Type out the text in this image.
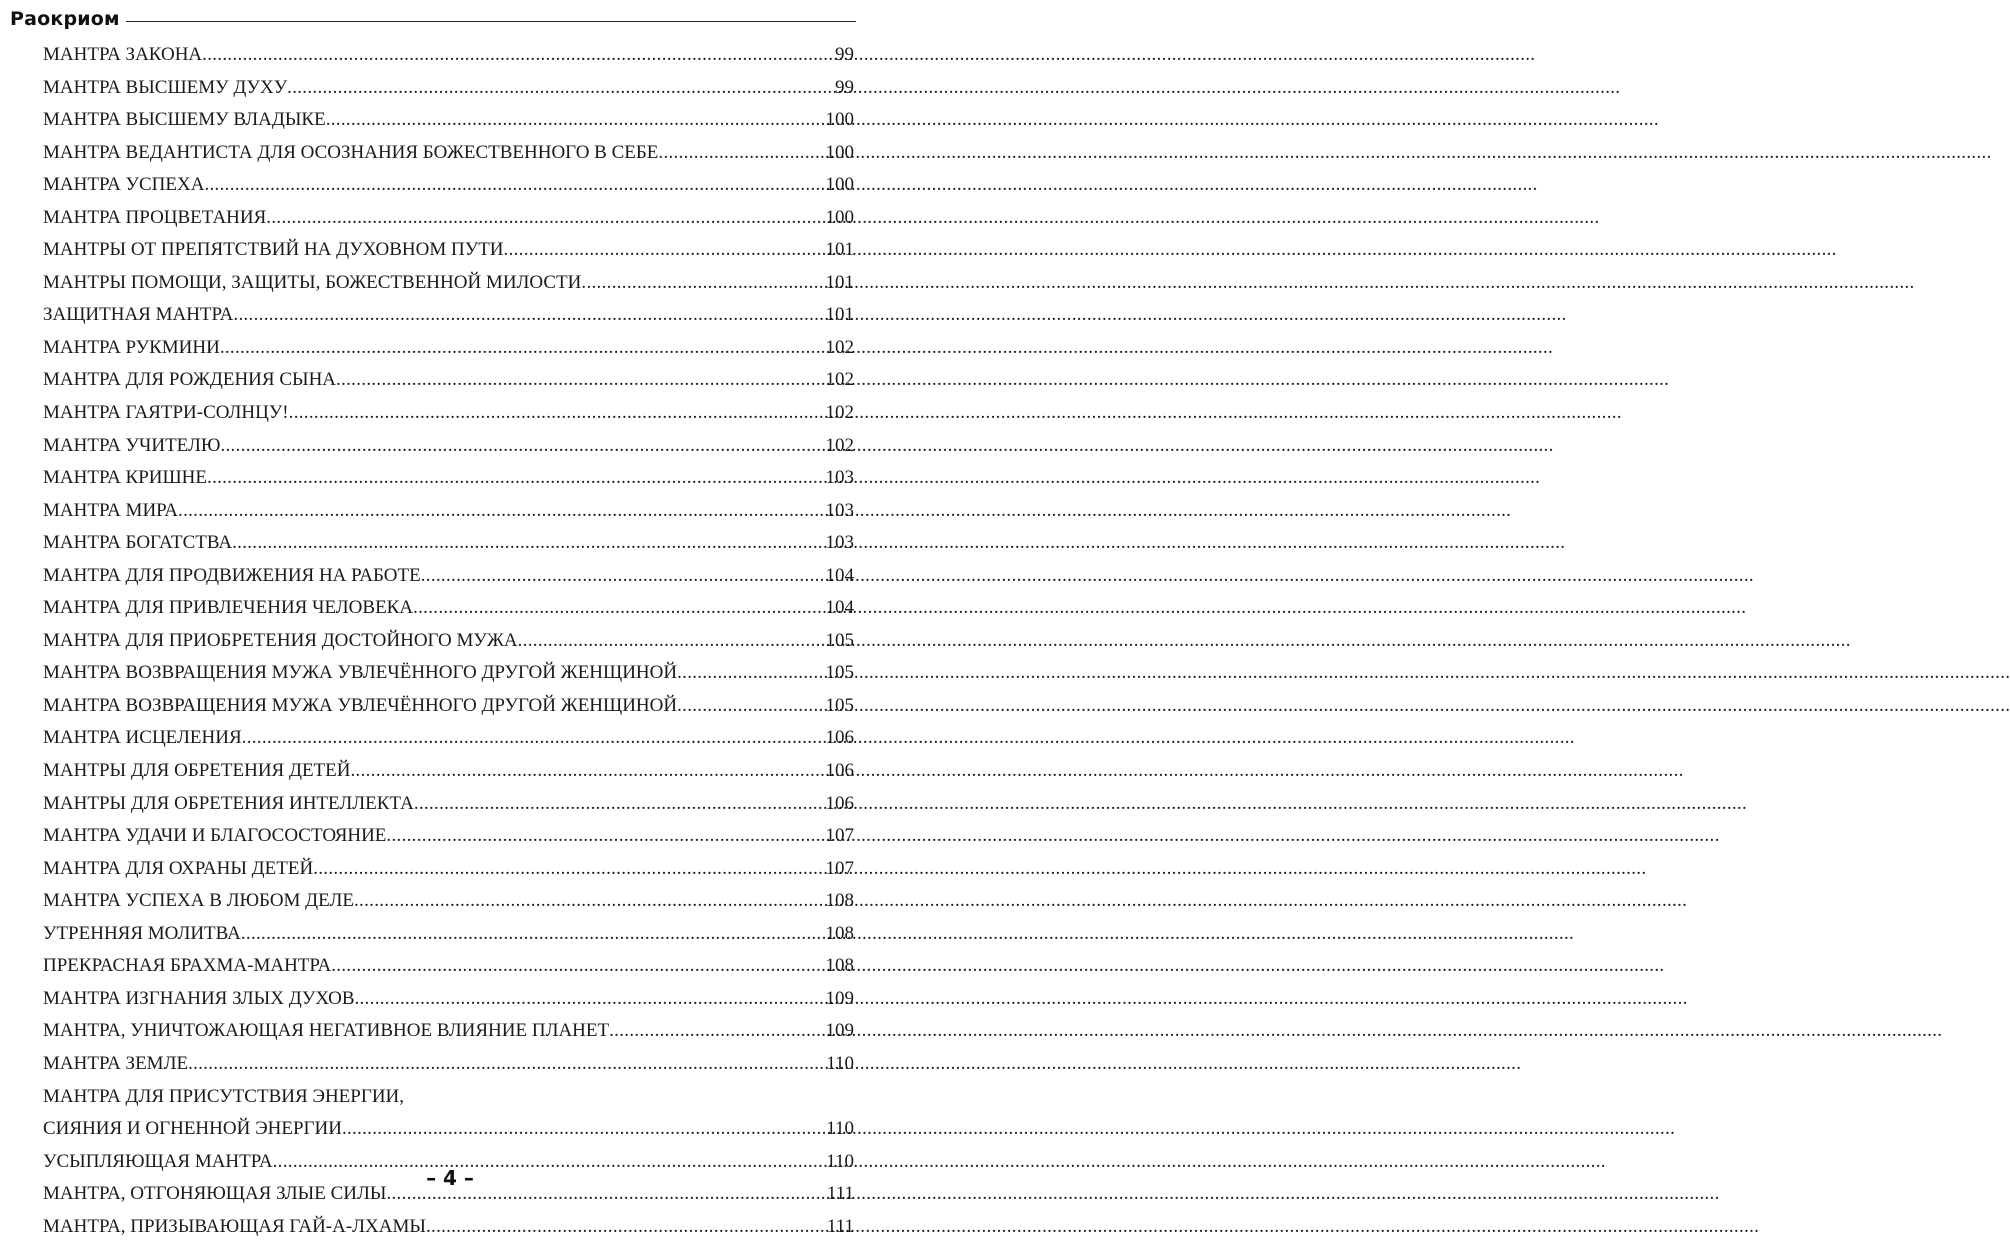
Раокриом
МАНТРА ЗАКОНА .....	99
МАНТРА ВЫСШЕМУ ДУХУ .....	99
МАНТРА ВЫСШЕМУ ВЛАДЫКЕ .....	100
МАНТРА ВЕДАНТИСТА ДЛЯ ОСОЗНАНИЯ БОЖЕСТВЕННОГО В СЕБЕ .....	100
МАНТРА УСПЕХА .....	100
МАНТРА ПРОЦВЕТАНИЯ .....	100
МАНТРЫ ОТ ПРЕПЯТСТВИЙ НА ДУХОВНОМ ПУТИ .....	101
МАНТРЫ ПОМОЩИ, ЗАЩИТЫ, БОЖЕСТВЕННОЙ МИЛОСТИ .....	101
ЗАЩИТНАЯ МАНТРА .....	101
МАНТРА РУКМИНИ .....	102
МАНТРА ДЛЯ РОЖДЕНИЯ СЫНА .....	102
МАНТРА ГАЯТРИ-СОЛНЦУ! .....	102
МАНТРА УЧИТЕЛЮ .....	102
МАНТРА КРИШНЕ .....	103
МАНТРА МИРА .....	103
МАНТРА БОГАТСТВА .....	103
МАНТРА ДЛЯ ПРОДВИЖЕНИЯ НА РАБОТЕ .....	104
МАНТРА ДЛЯ ПРИВЛЕЧЕНИЯ ЧЕЛОВЕКА .....	104
МАНТРА ДЛЯ ПРИОБРЕТЕНИЯ ДОСТОЙНОГО МУЖА .....	105
МАНТРА ВОЗВРАЩЕНИЯ МУЖА УВЛЕЧЁННОГО ДРУГОЙ ЖЕНЩИНОЙ .....	105
МАНТРА ВОЗВРАЩЕНИЯ МУЖА УВЛЕЧЁННОГО ДРУГОЙ ЖЕНЩИНОЙ .....	105
МАНТРА ИСЦЕЛЕНИЯ .....	106
МАНТРЫ ДЛЯ ОБРЕТЕНИЯ ДЕТЕЙ .....	106
МАНТРЫ ДЛЯ ОБРЕТЕНИЯ ИНТЕЛЛЕКТА .....	106
МАНТРА УДАЧИ И БЛАГОСОСТОЯНИЕ .....	107
МАНТРА ДЛЯ ОХРАНЫ ДЕТЕЙ .....	107
МАНТРА УСПЕХА В ЛЮБОМ ДЕЛЕ .....	108
УТРЕННЯЯ МОЛИТВА .....	108
ПРЕКРАСНАЯ БРАХМА-МАНТРА .....	108
МАНТРА ИЗГНАНИЯ ЗЛЫХ ДУХОВ .....	109
МАНТРА, УНИЧТОЖАЮЩАЯ НЕГАТИВНОЕ ВЛИЯНИЕ ПЛАНЕТ .....	109
МАНТРА ЗЕМЛЕ .....	110
МАНТРА ДЛЯ ПРИСУТСТВИЯ ЭНЕРГИИ,
СИЯНИЯ И ОГНЕННОЙ ЭНЕРГИИ .....	110
УСЫПЛЯЮЩАЯ МАНТРА .....	110
МАНТРА, ОТГОНЯЮЩАЯ ЗЛЫЕ СИЛЫ .....	111
МАНТРА, ПРИЗЫВАЮЩАЯ ГАЙ-А-ЛХАМЫ .....	111
– 4 –
